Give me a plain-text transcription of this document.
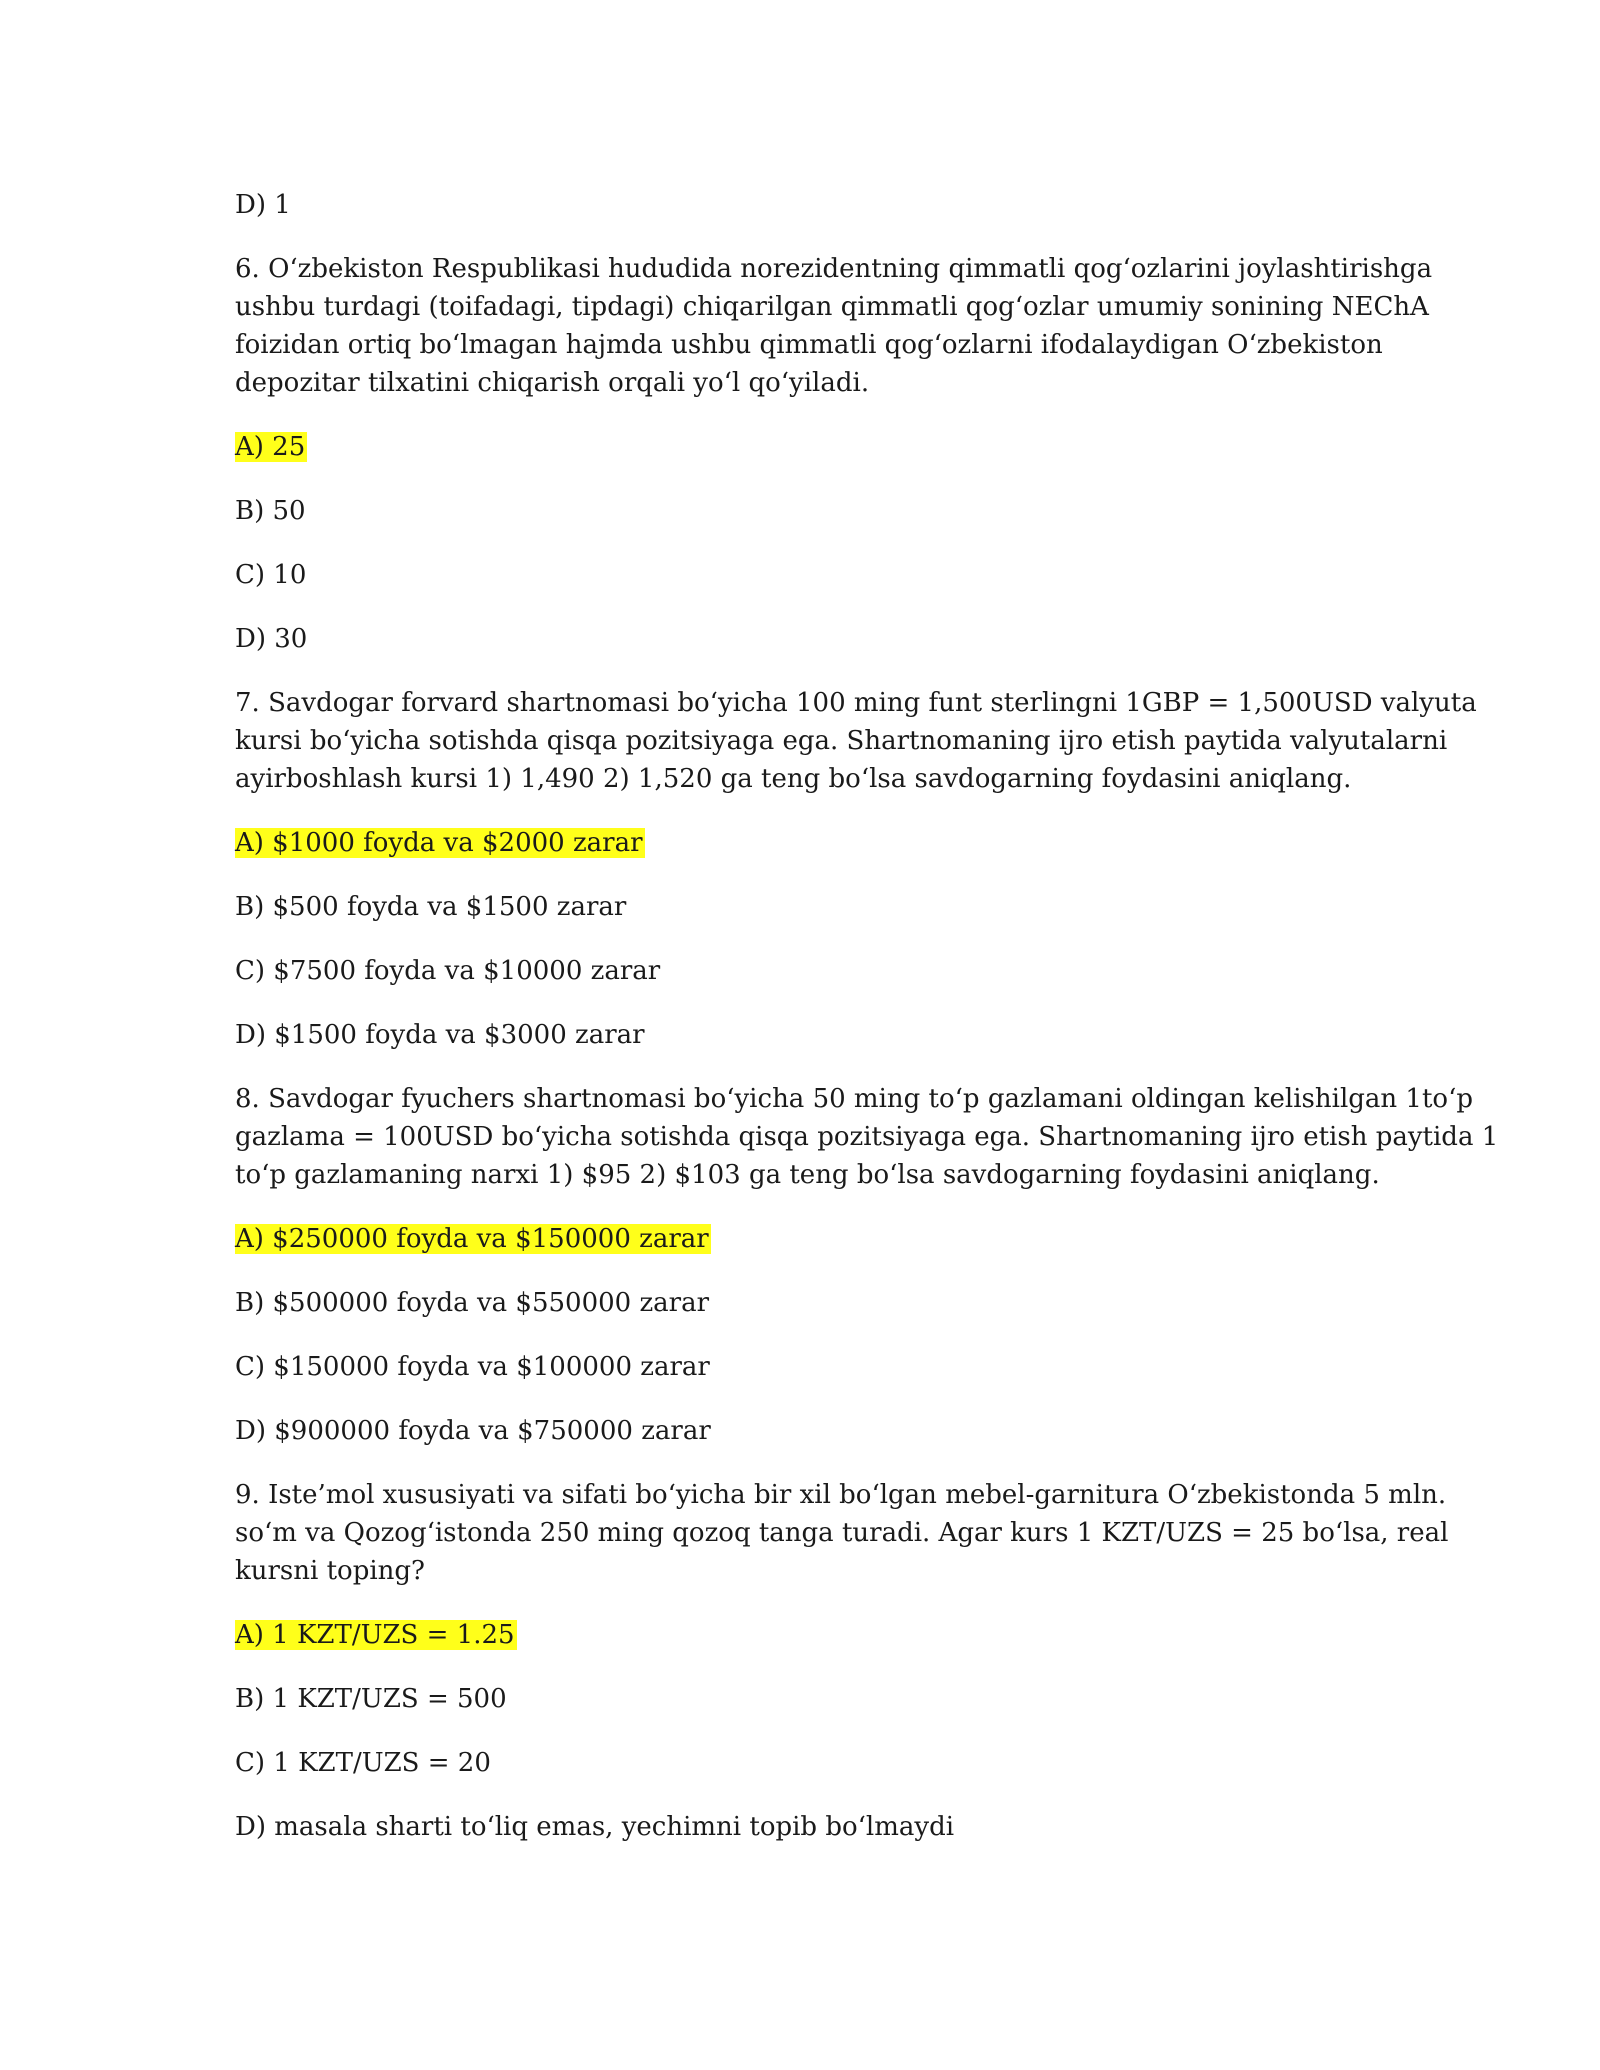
D) 1

6. O‘zbekiston Respublikasi hududida norezidentning qimmatli qog‘ozlarini joylashtirishga

ushbu turdagi (toifadagi, tipdagi) chiqarilgan qimmatli qog‘ozlar umumiy sonining NEChA

foizidan ortiq bo‘lmagan hajmda ushbu qimmatli qog‘ozlarni ifodalaydigan O‘zbekiston

depozitar tilxatini chiqarish orqali yo‘l qo‘yiladi.

A) 25

B) 50

C) 10

D) 30

7. Savdogar forvard shartnomasi bo‘yicha 100 ming funt sterlingni 1GBP = 1,500USD valyuta

kursi bo‘yicha sotishda qisqa pozitsiyaga ega. Shartnomaning ijro etish paytida valyutalarni

ayirboshlash kursi 1) 1,490 2) 1,520 ga teng bo‘lsa savdogarning foydasini aniqlang.

A) $1000 foyda va $2000 zarar

B) $500 foyda va $1500 zarar

C) $7500 foyda va $10000 zarar

D) $1500 foyda va $3000 zarar

8. Savdogar fyuchers shartnomasi bo‘yicha 50 ming to‘p gazlamani oldingan kelishilgan 1to‘p

gazlama = 100USD bo‘yicha sotishda qisqa pozitsiyaga ega. Shartnomaning ijro etish paytida 1

to‘p gazlamaning narxi 1) $95 2) $103 ga teng bo‘lsa savdogarning foydasini aniqlang.

A) $250000 foyda va $150000 zarar

B) $500000 foyda va $550000 zarar

C) $150000 foyda va $100000 zarar

D) $900000 foyda va $750000 zarar

9. Iste’mol xususiyati va sifati bo‘yicha bir xil bo‘lgan mebel-garnitura O‘zbekistonda 5 mln.

so‘m va Qozog‘istonda 250 ming qozoq tanga turadi. Agar kurs 1 KZT/UZS = 25 bo‘lsa, real

kursni toping?

A) 1 KZT/UZS = 1.25

B) 1 KZT/UZS = 500

C) 1 KZT/UZS = 20

D) masala sharti to‘liq emas, yechimni topib bo‘lmaydi
